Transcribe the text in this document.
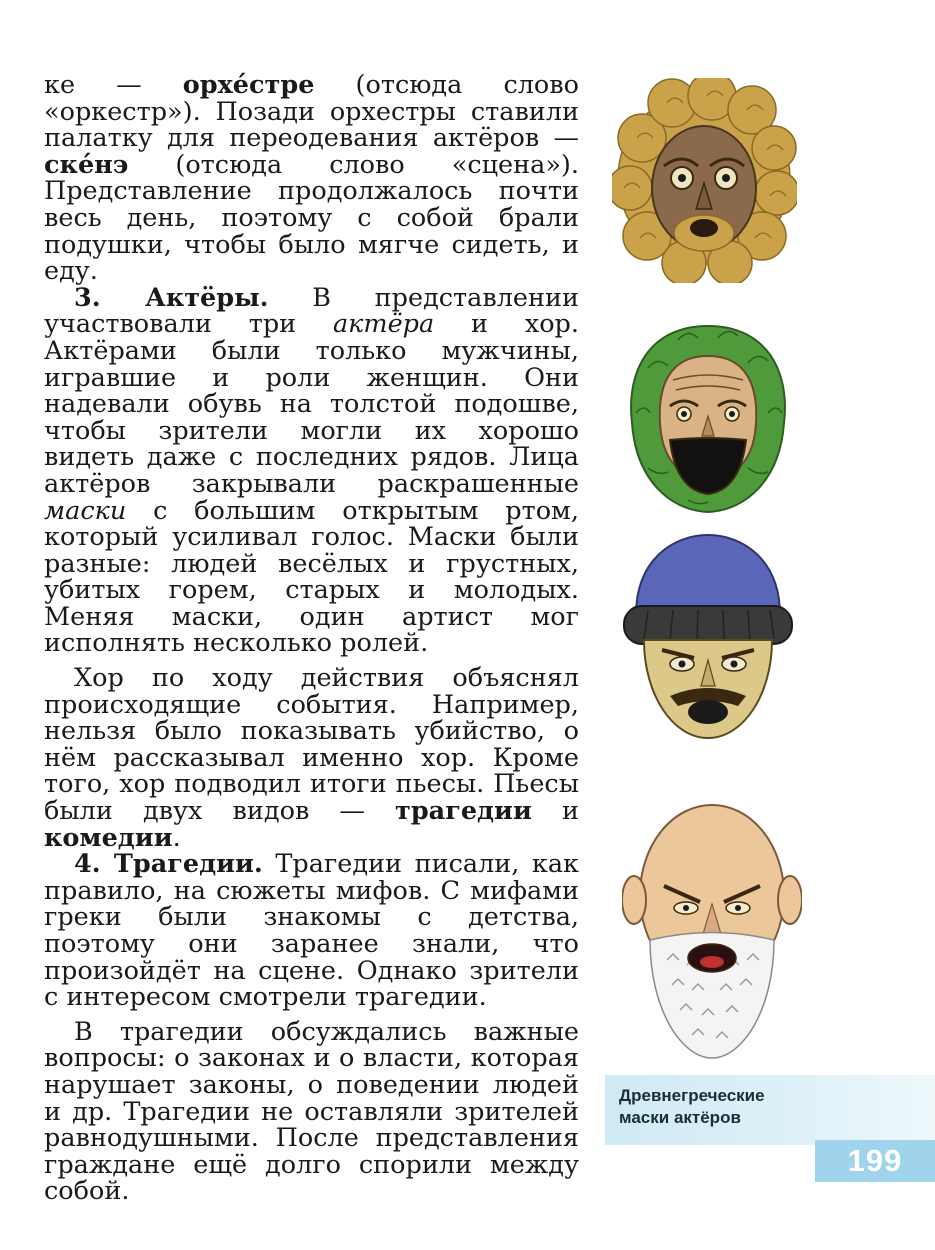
ке — орхе́стре (отсюда слово «оркестр»). Позади орхестры ставили палатку для переодевания актёров — ске́нэ (отсюда слово «сцена»). Представление продолжалось почти весь день, поэтому с собой брали подушки, чтобы было мягче сидеть, и еду.

3. Актёры. В представлении участвовали три актёра и хор. Актёрами были только мужчины, игравшие и роли женщин. Они надевали обувь на толстой подошве, чтобы зрители могли их хорошо видеть даже с последних рядов. Лица актёров закрывали раскрашенные маски с большим открытым ртом, который усиливал голос. Маски были разные: людей весёлых и грустных, убитых горем, старых и молодых. Меняя маски, один артист мог исполнять несколько ролей.

Хор по ходу действия объяснял происходящие события. Например, нельзя было показывать убийство, о нём рассказывал именно хор. Кроме того, хор подводил итоги пьесы. Пьесы были двух видов — трагедии и комедии.

4. Трагедии. Трагедии писали, как правило, на сюжеты мифов. С мифами греки были знакомы с детства, поэтому они заранее знали, что произойдёт на сцене. Однако зрители с интересом смотрели трагедии.

В трагедии обсуждались важные вопросы: о законах и о власти, которая нарушает законы, о поведении людей и др. Трагедии не оставляли зрителей равнодушными. После представления граждане ещё долго спорили между собой.

Древнегреческие
маски актёров
199
